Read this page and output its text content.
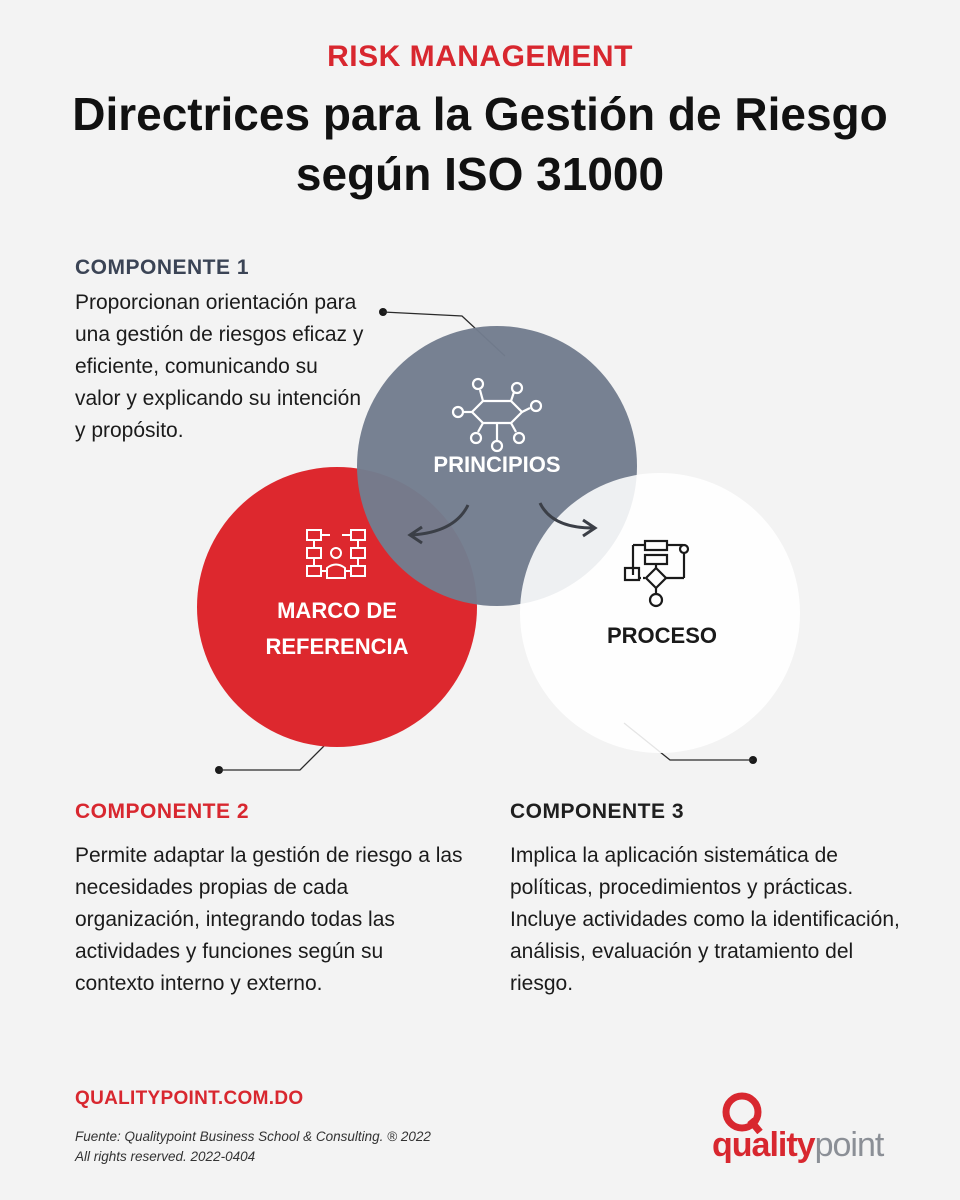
RISK MANAGEMENT
Directrices para la Gestión de Riesgo según ISO 31000
COMPONENTE 1
Proporcionan orientación para una gestión de riesgos eficaz y eficiente, comunicando su valor y explicando su intención y propósito.
PRINCIPIOS
MARCO DE
REFERENCIA	PROCESO
COMPONENTE 2
Permite adaptar la gestión de riesgo a las necesidades propias de cada organización, integrando todas las actividades y funciones según su contexto interno y externo.
COMPONENTE 3
Implica la aplicación sistemática de políticas, procedimientos y prácticas. Incluye actividades como la identificación, análisis, evaluación y tratamiento del riesgo.
QUALITYPOINT.COM.DO
Fuente: Qualitypoint Business School & Consulting. ® 2022
All rights reserved. 2022-0404	qualitypoint
